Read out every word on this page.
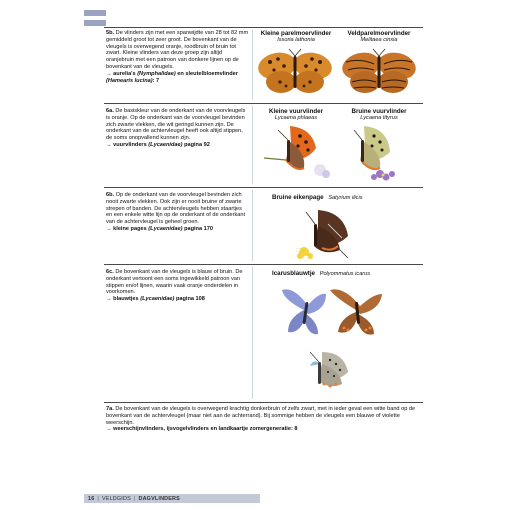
5b. De vlinders zijn met een spanwijdte van 28 tot 82 mm gemiddeld groot tot zeer groot. De bovenkant van de vleugels is overwegend oranje, roodbruin of bruin tot zwart. Kleine vlinders van deze groep zijn altijd oranjebruin met een patroon van donkere lijnen op de bovenkant van de vleugels.
→ aurelia's (Nymphalidae) en sleutelbloemvlinder
(Hamearis lucina): 7
6a. De basiskleur van de onderkant van de voorvleugels is oranje. Op de onderkant van de voorvleugel bevinden zich zwarte vlekken, die wit geringd kunnen zijn. De onderkant van de achtervleugel heeft ook altijd stippen, de soms onopvallend kunnen zijn.
→ vuurvlinders (Lycaenidae) pagina 92
6b. Op de onderkant van de voorvleugel bevinden zich nooit zwarte vlekken. Ook zijn er nooit bruine of zwarte strepen of banden. De achtervleugels hebben staartjes en een enkele witte lijn op de onderkant of de onderkant van de achtervleugel is geheel groen.
→ kleine pages (Lycaenidae) pagina 170
6c. De bovenkant van de vleugels is blauw of bruin. De onderkant vertoont een soms ingewikkeld patroon van stippen en/of lijnen, waarin vaak oranje onderdelen in voorkomen.
→ blauwtjes (Lycaenidae) pagina 108
7a. De bovenkant van de vleugels is overwegend krachtig donkerbruin of zelfs zwart, met in ieder geval een witte band op de bovenkant van de achtervleugel (maar niet aan de achterrand). Bij sommige hebben de vleugels een blauwe of violette weerschijn.
→ weerschijnvlinders, ijsvogelvlinders en landkaartje zomergeneratie: 8
Kleine parelmoervlinder
Issoria lathonia
Veldparelmoervlinder
Melitaea cinxia
Kleine vuurvlinder
Lycaena phlaeas
Bruine vuurvlinder
Lycaena tityrus
Bruine eikenpage Satyrium ilicis
Icarusblauwtje Polyommatus icarus
16 | VELDGIDS | DAGVLINDERS
